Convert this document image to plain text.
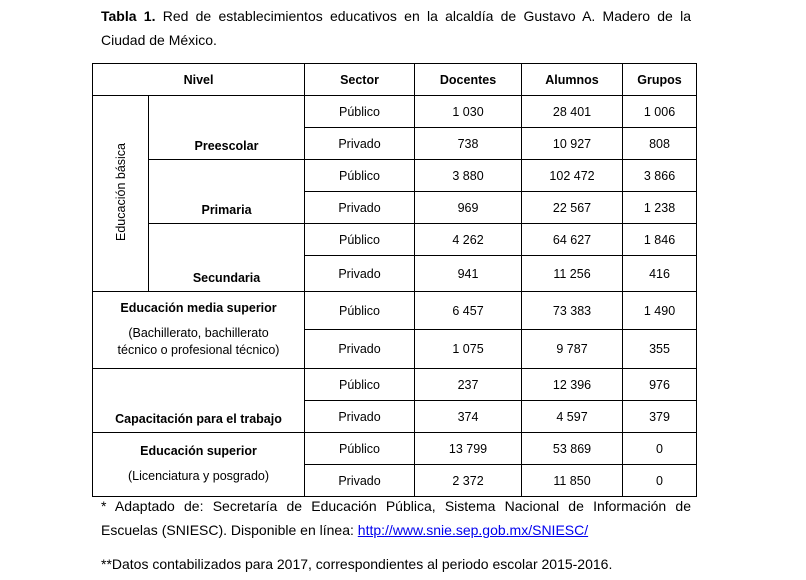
Tabla 1. Red de establecimientos educativos en la alcaldía de Gustavo A. Madero de la Ciudad de México.
Nivel		Sector	Docentes	Alumnos	Grupos
Educación básica	Preescolar	Público	1 030	28 401	1 006
		Privado	738	10 927	808
	Primaria	Público	3 880	102 472	3 866
		Privado	969	22 567	1 238
	Secundaria	Público	4 262	64 627	1 846
		Privado	941	11 256	416
Educación media superior
(Bachillerato, bachillerato técnico o profesional técnico)		Público	6 457	73 383	1 490
		Privado	1 075	9 787	355
Capacitación para el trabajo		Público	237	12 396	976
		Privado	374	4 597	379
Educación superior
(Licenciatura y posgrado)		Público	13 799	53 869	0
		Privado	2 372	11 850	0
* Adaptado de: Secretaría de Educación Pública, Sistema Nacional de Información de Escuelas (SNIESC). Disponible en línea: http://www.snie.sep.gob.mx/SNIESC/
**Datos contabilizados para 2017, correspondientes al periodo escolar 2015-2016.
